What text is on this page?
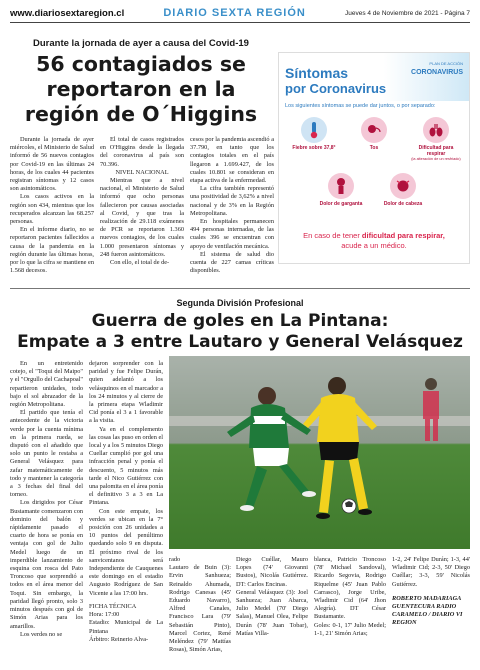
www.diariosextaregion.cl	DIARIO SEXTA REGIÓN	Jueves 4 de Noviembre de 2021 - Página 7
Durante la jornada de ayer a causa del Covid-19
56 contagiados se reportaron en la región de O´Higgins

Durante la jornada de ayer miércoles, el Ministerio de Salud informó de 56 nuevos contagios por Covid-19 en las últimas 24 horas, de los cuales 44 pacientes registran síntomas y 12 casos son asintomáticos.

Los casos activos en la región son 434, mientras que los recuperados alcanzan las 68.257 personas.

En el informe diario, no se reportaron pacientes fallecidos a causa de la pandemia en la región durante las últimas horas, por lo que la cifra se mantiene en 1.568 decesos.

El total de casos registrados en O'Higgins desde la llegada del coronavirus al país son 70.396.

NIVEL NACIONAL

Mientras que a nivel nacional, el Ministerio de Salud informó que ocho personas fallecieron por causas asociadas al Covid, y que tras la realización de 29.118 exámenes de PCR se reportaron 1.360 nuevos contagios, de los cuales 1.000 presentaron síntomas y 248 fueron asintomáticos.

Con ello, el total de de-

cesos por la pandemia ascendió a 37.790, en tanto que los contagios totales en el país llegaron a 1.699.427, de los cuales 10.801 se consideran en etapa activa de la enfermedad.

La cifra también representó una positividad de 3,62% a nivel nacional y de 3% en la Región Metropolitana.

En hospitales permanecen 494 personas internadas, de las cuales 396 se encuentran con apoyo de ventilación mecánica.

El sistema de salud dio cuenta de 227 camas críticas disponibles.

Síntomas
por Coronavirus
PLAN DE ACCIÓN
CORONAVIRUS
Los siguientes síntomas se puede dar juntos, o por separado:
Fiebre sobre 37,8°	Tos	Dificultad para respirar
(la alteración de un resfriado)
Dolor de garganta	Dolor de cabeza
En caso de tener dificultad para respirar,
acude a un médico.
Segunda División Profesional
Guerra de goles en La Pintana:
Empate a 3 entre Lautaro y General Velásquez

En un entretenido cotejo, el "Toqui del Maipo" y el "Orgullo del Cachapoal" repartieron unidades, todo bajo el sol abrazador de la región Metropolitana.

El partido que tenía el antecedente de la victoria verde por la cuenta mínima en la primera rueda, se disputó con el añadido que solo un punto le restaba a General Velásquez para zafar matemáticamente de todo y mantener la categoría a 3 fechas del final del torneo.

Los dirigidos por César Bustamante comenzaron con dominio del balón y rápidamente pasado el cuarto de hora se ponía en ventaja con gol de Julio Medel luego de un imperdible lanzamiento de esquina con rosca del Pato Troncoso que sorprendió a todos en el área menor del Toqui. Sin embargo, la paridad llegó pronto, solo 3 minutos después con gol de Simón Arias para los amarillos.

Los verdes no se

dejaron sorprender con la paridad y fue Felipe Durán, quien adelantó a los velásquinos en el marcador a los 24 minutos y al cierre de la primera etapa Wladimir Cid ponía el 3 a 1 favorable a la visita.

Ya en el complemento las cosas las puso en orden el local y a los 5 minutos Diego Cuellar cumplió por gol una infracción penal y ponía el descuento, 5 minutos más tarde el Nico Gutiérrez con una palomita en el área ponía el definitivo 3 a 3 en La Pintana.

Con este empate, los verdes se ubican en la 7° posición con 26 unidades a 10 puntos del penúltimo quedando solo 9 en disputa. El próximo rival de los sanvicentanos será Independiente de Cauquenes este domingo en el estadio Augusto Rodríguez de San Vicente a las 17:00 hrs.

FICHA TÉCNICA

Hora: 17:00

Estadio: Municipal de La Pintana

Árbitro: Reinerio Alva-

rado

Lautaro de Buin (3): Ervin Sanhueza; Reinaldo Ahumada, Rodrigo Canesas (45' Eduardo Navarro), Alfred Canales, Francisco Lara (79' Sebastián Pinto), Marcel Cortez, René Meléndez (79' Mattías Rosas), Simón Arias,

Diego Cuéllar, Mauro Lopes (74' Giovanni Bustos), Nicolás Gutiérrez. DT: Carlos Encinas.

General Velásquez (3): Joel Sanhueza; Juan Abarca, Julio Medel (70' Diego Salas), Manuel Olea, Felipe Durán (78' Juan Tobar), Matías Villa-

blanca, Patricio Troncoso (78' Michael Sandoval), Ricardo Segovia, Rodrigo Riquelme (45' Juan Pablo Carrasco), Jorge Uribe, Wladimir Cid (64' Jhon Alegría). DT César Bustamante.

Goles: 0-1, 17' Julio Medel; 1-1, 21' Simón Arias;

1-2, 24' Felipe Durán; 1-3, 44' Wladimir Cid; 2-3, 50' Diego Cuéllar; 3-3, 59' Nicolás Gutiérrez.

ROBERTO MADARIAGA GUENTECURA RADIO CARAMELO / DIARIO VI REGION
